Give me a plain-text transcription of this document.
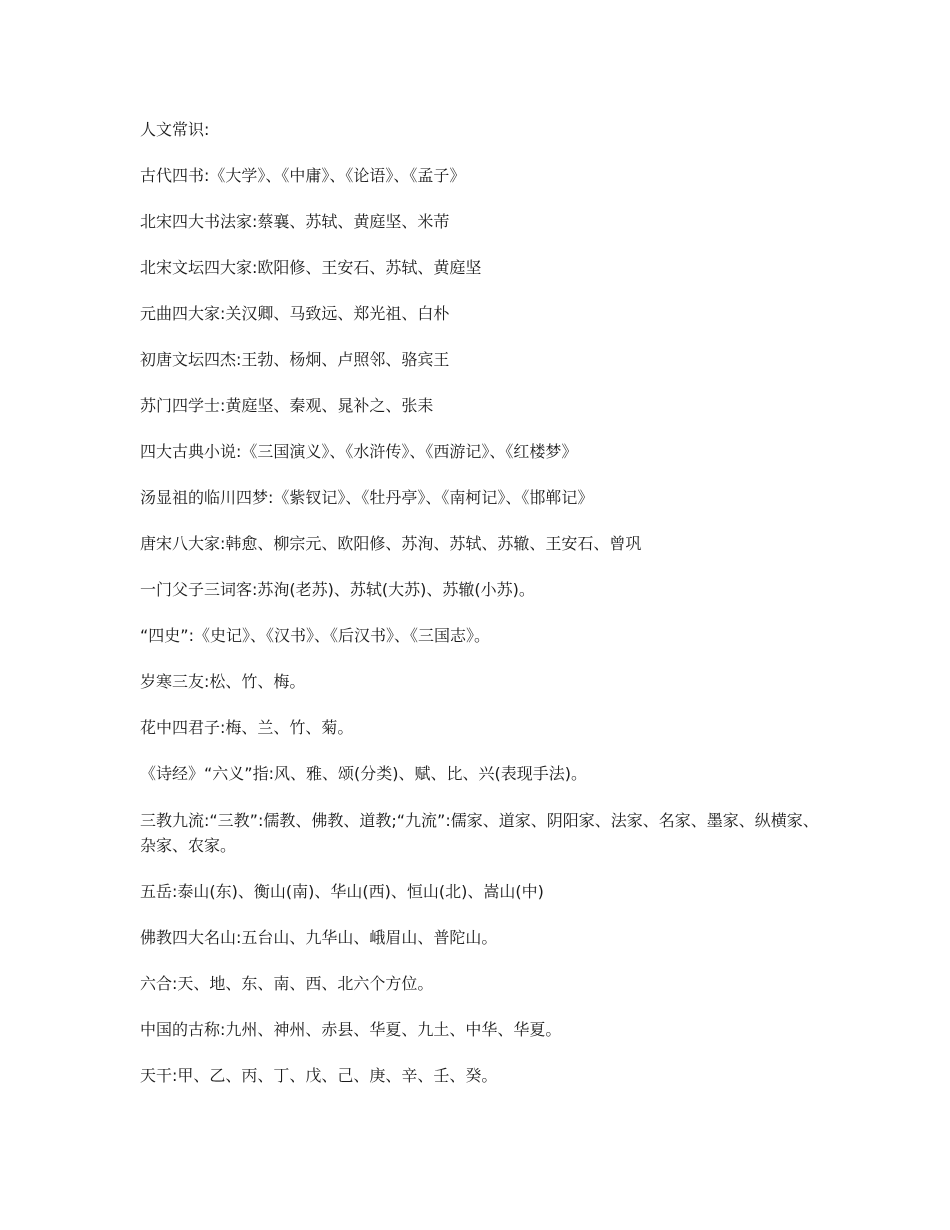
人文常识:

古代四书:《大学》、《中庸》、《论语》、《孟子》

北宋四大书法家:蔡襄、苏轼、黄庭坚、米芾

北宋文坛四大家:欧阳修、王安石、苏轼、黄庭坚

元曲四大家:关汉卿、马致远、郑光祖、白朴

初唐文坛四杰:王勃、杨炯、卢照邻、骆宾王

苏门四学士:黄庭坚、秦观、晁补之、张耒

四大古典小说:《三国演义》、《水浒传》、《西游记》、《红楼梦》

汤显祖的临川四梦:《紫钗记》、《牡丹亭》、《南柯记》、《邯郸记》

唐宋八大家:韩愈、柳宗元、欧阳修、苏洵、苏轼、苏辙、王安石、曾巩

一门父子三词客:苏洵(老苏)、苏轼(大苏)、苏辙(小苏)。

“四史”:《史记》、《汉书》、《后汉书》、《三国志》。

岁寒三友:松、竹、梅。

花中四君子:梅、兰、竹、菊。

《诗经》“六义”指:风、雅、颂(分类)、赋、比、兴(表现手法)。

三教九流:“三教”:儒教、佛教、道教;“九流”:儒家、道家、阴阳家、法家、名家、墨家、纵横家、杂家、农家。

五岳:泰山(东)、衡山(南)、华山(西)、恒山(北)、嵩山(中)

佛教四大名山:五台山、九华山、峨眉山、普陀山。

六合:天、地、东、南、西、北六个方位。

中国的古称:九州、神州、赤县、华夏、九土、中华、华夏。

天干:甲、乙、丙、丁、戊、己、庚、辛、壬、癸。
